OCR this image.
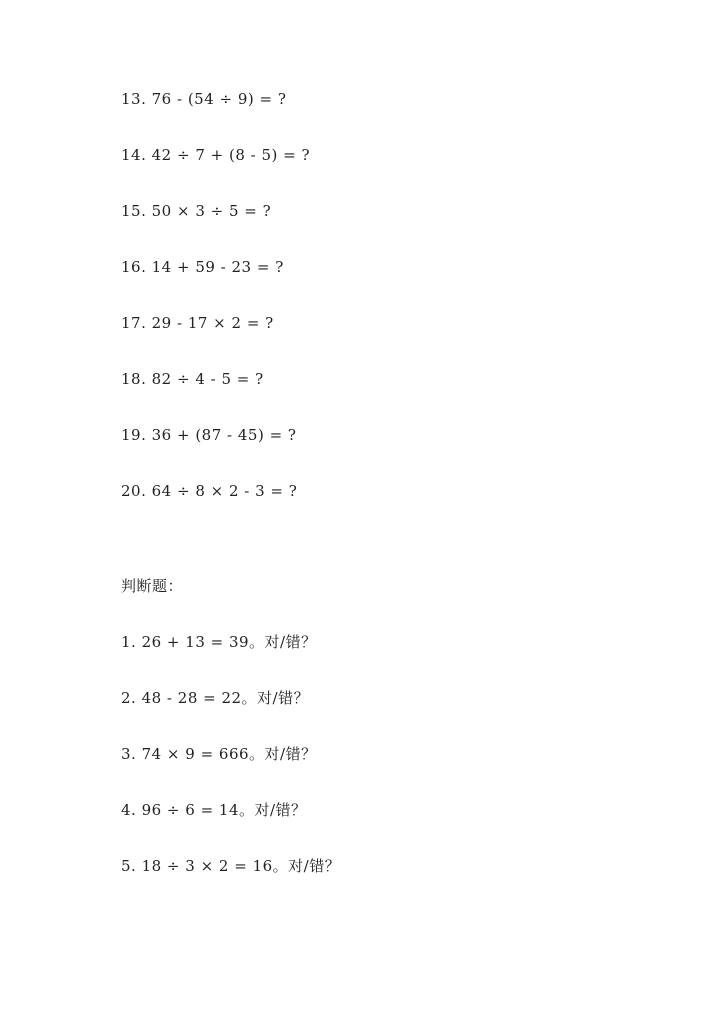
13. 76 - (54 ÷ 9) = ?
14. 42 ÷ 7 + (8 - 5) = ?
15. 50 × 3 ÷ 5 = ?
16. 14 + 59 - 23 = ?
17. 29 - 17 × 2 = ?
18. 82 ÷ 4 - 5 = ?
19. 36 + (87 - 45) = ?
20. 64 ÷ 8 × 2 - 3 = ?
判断题：
1. 26 + 13 = 39。对/错？
2. 48 - 28 = 22。对/错？
3. 74 × 9 = 666。对/错？
4. 96 ÷ 6 = 14。对/错？
5. 18 ÷ 3 × 2 = 16。对/错？
